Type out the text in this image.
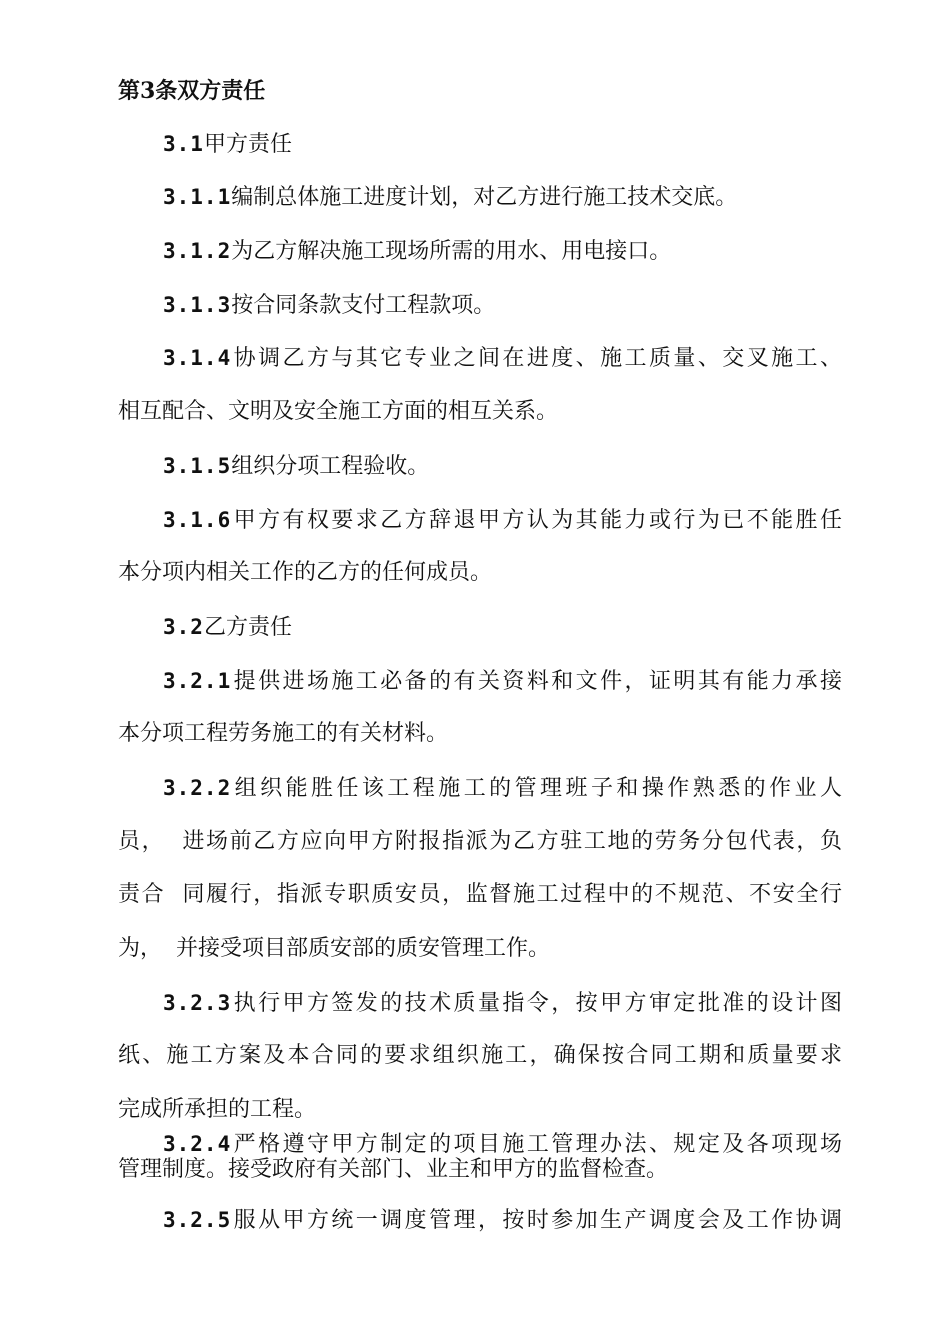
第3条双方责任
3.1甲方责任
3.1.1编制总体施工进度计划，对乙方进行施工技术交底。
3.1.2为乙方解决施工现场所需的用水、用电接口。
3.1.3按合同条款支付工程款项。
3.1.4协调乙方与其它专业之间在进度、施工质量、交叉施工、
相互配合、文明及安全施工方面的相互关系。
3.1.5组织分项工程验收。
3.1.6甲方有权要求乙方辞退甲方认为其能力或行为已不能胜任
本分项内相关工作的乙方的任何成员。
3.2乙方责任
3.2.1提供进场施工必备的有关资料和文件，证明其有能力承接
本分项工程劳务施工的有关材料。
3.2.2组织能胜任该工程施工的管理班子和操作熟悉的作业人
员，  进场前乙方应向甲方附报指派为乙方驻工地的劳务分包代表，负
责合  同履行，指派专职质安员，监督施工过程中的不规范、不安全行
为，  并接受项目部质安部的质安管理工作。
3.2.3执行甲方签发的技术质量指令，按甲方审定批准的设计图
纸、施工方案及本合同的要求组织施工，确保按合同工期和质量要求
完成所承担的工程。
3.2.4严格遵守甲方制定的项目施工管理办法、规定及各项现场
管理制度。接受政府有关部门、业主和甲方的监督检查。
3.2.5服从甲方统一调度管理，按时参加生产调度会及工作协调
